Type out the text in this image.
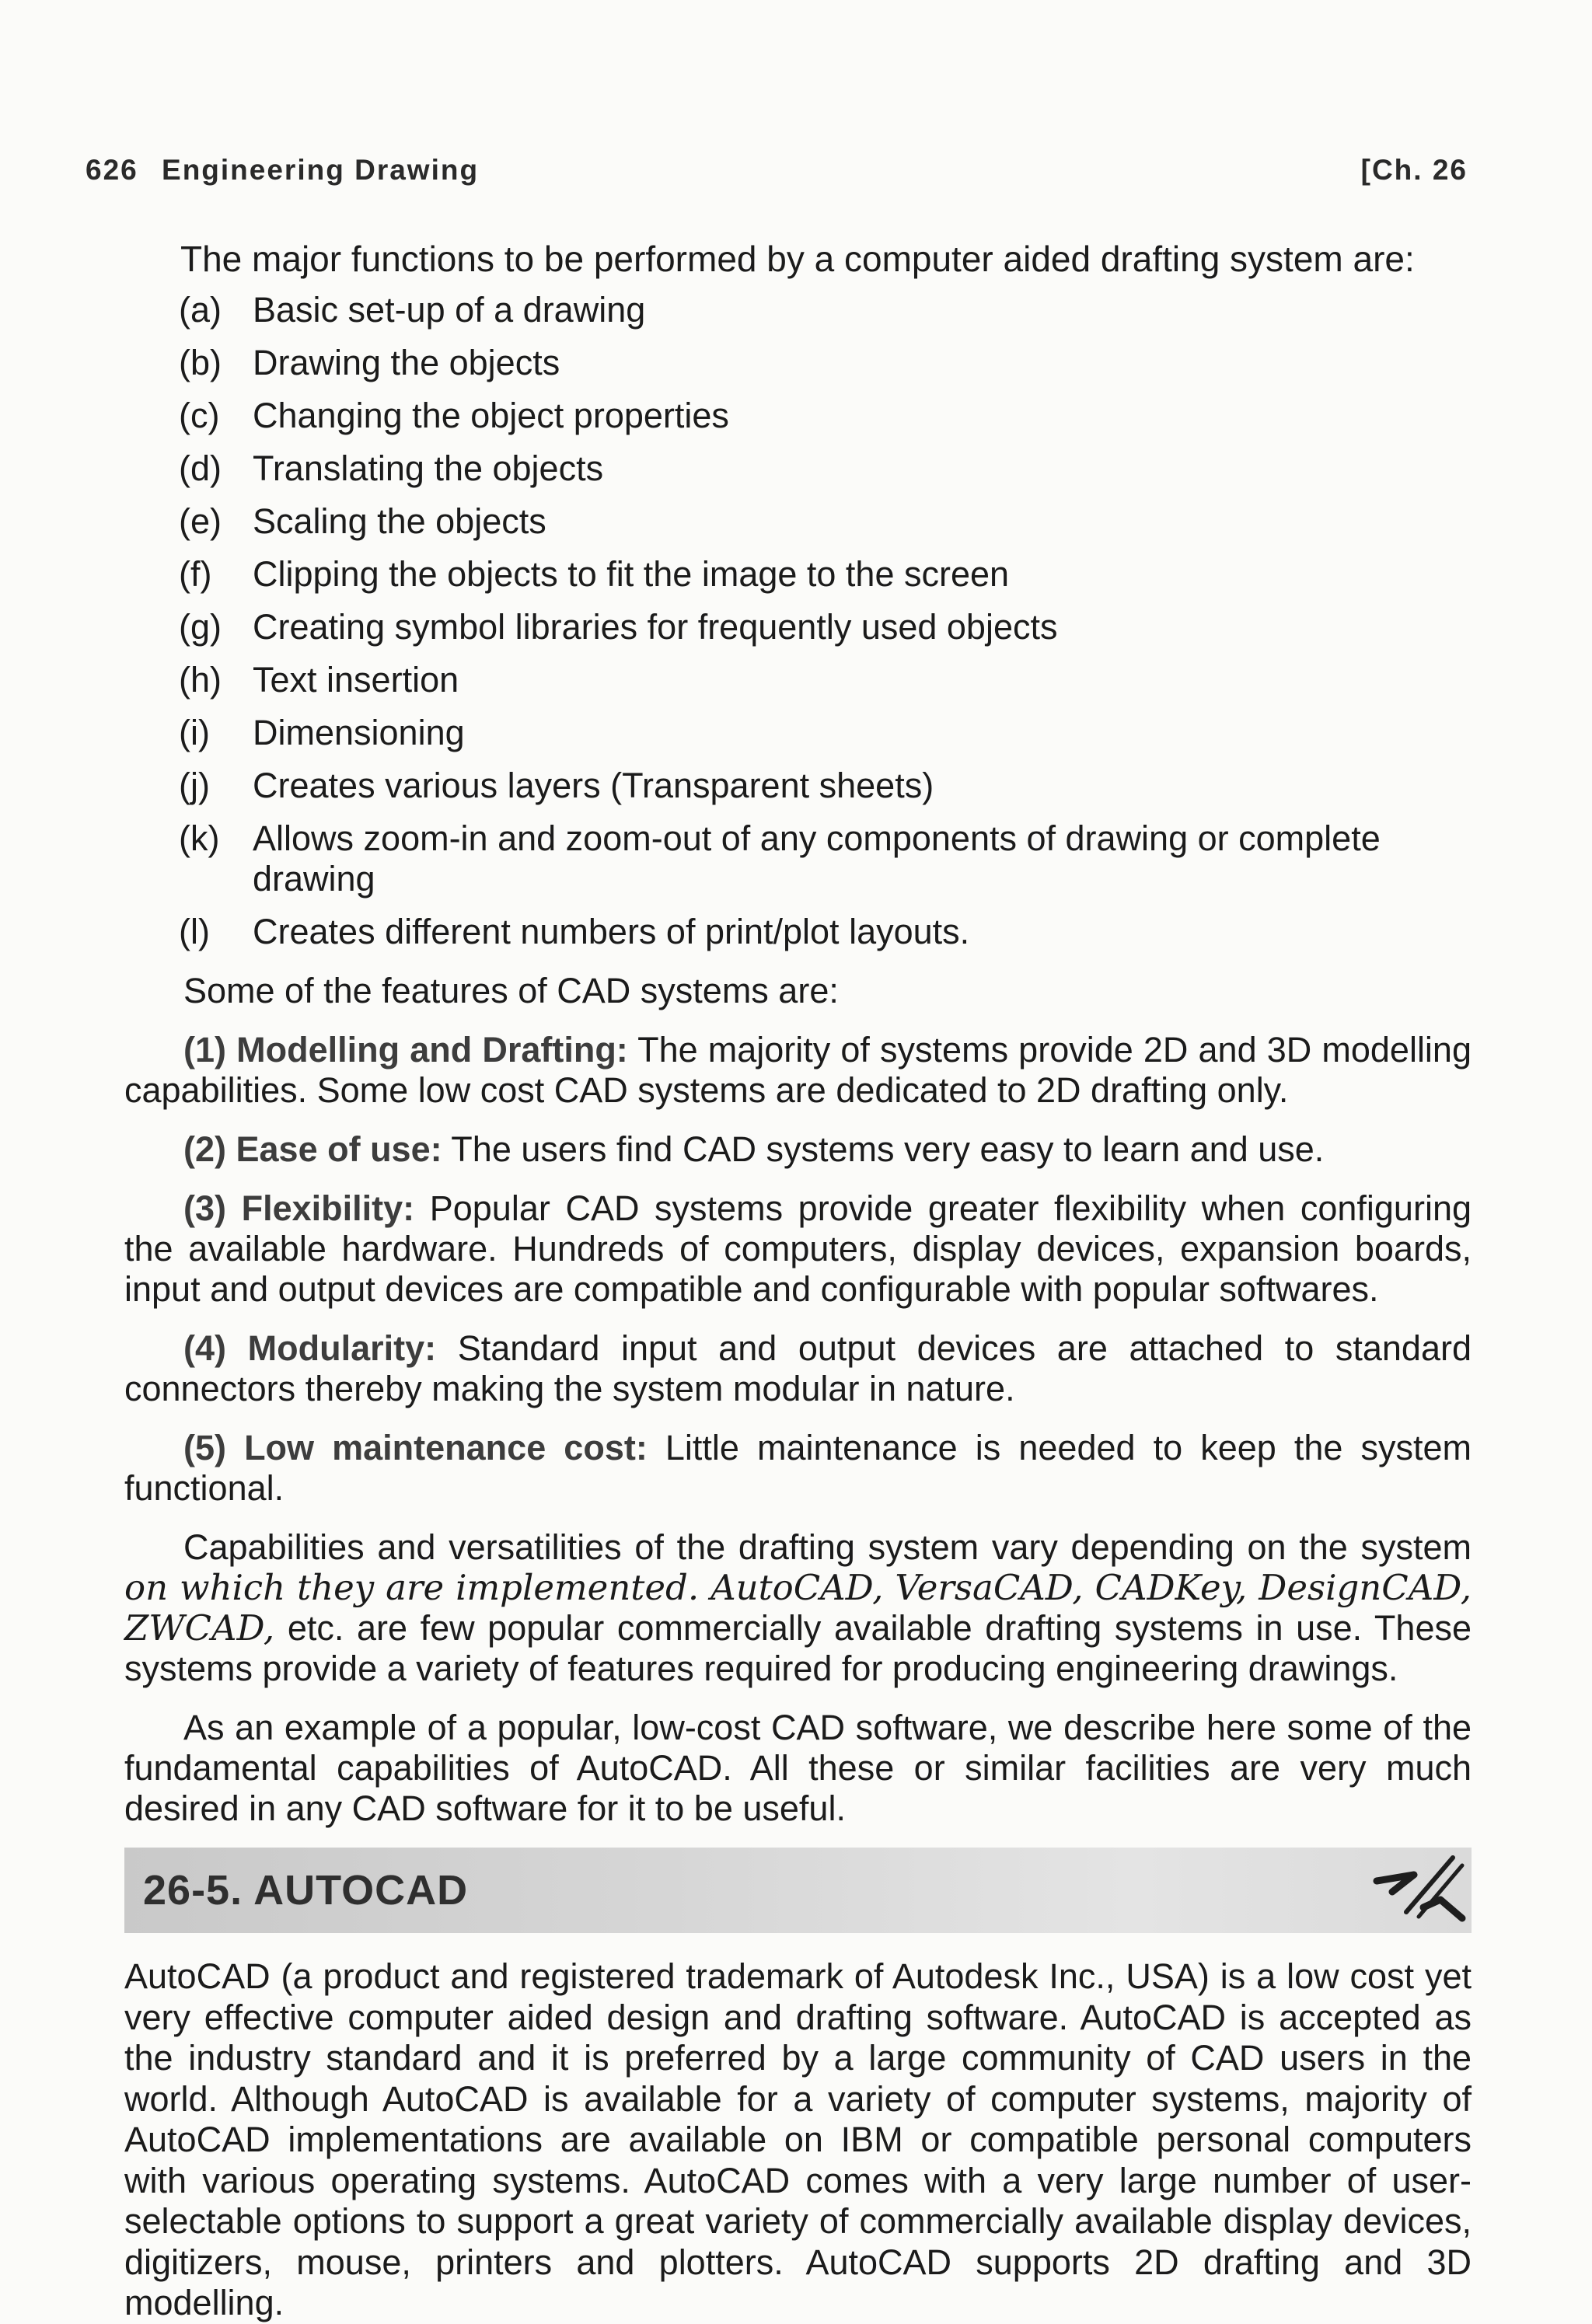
626 Engineering Drawing	[Ch. 26

The major functions to be performed by a computer aided drafting system are:

(a) Basic set-up of a drawing
(b) Drawing the objects
(c) Changing the object properties
(d) Translating the objects
(e) Scaling the objects
(f)	Clipping the objects to fit the image to the screen
(g) Creating symbol libraries for frequently used objects
(h) Text insertion
(i)	Dimensioning
(j)	Creates various layers (Transparent sheets)
(k) Allows zoom-in and zoom-out of any components of drawing or complete drawing
(l)	Creates different numbers of print/plot layouts.

Some of the features of CAD systems are:

(1) Modelling and Drafting: The majority of systems provide 2D and 3D modelling capabilities. Some low cost CAD systems are dedicated to 2D drafting only.

(2) Ease of use: The users find CAD systems very easy to learn and use.

(3) Flexibility: Popular CAD systems provide greater flexibility when configuring the available hardware. Hundreds of computers, display devices, expansion boards, input and output devices are compatible and configurable with popular softwares.

(4) Modularity: Standard input and output devices are attached to standard connectors thereby making the system modular in nature.

(5) Low maintenance cost: Little maintenance is needed to keep the system functional.

Capabilities and versatilities of the drafting system vary depending on the system on which they are implemented. AutoCAD, VersaCAD, CADKey, DesignCAD, ZWCAD, etc. are few popular commercially available drafting systems in use. These systems provide a variety of features required for producing engineering drawings.

As an example of a popular, low-cost CAD software, we describe here some of the fundamental capabilities of AutoCAD. All these or similar facilities are very much desired in any CAD software for it to be useful.

26-5. AUTOCAD

AutoCAD (a product and registered trademark of Autodesk Inc., USA) is a low cost yet very effective computer aided design and drafting software. AutoCAD is accepted as the industry standard and it is preferred by a large community of CAD users in the world. Although AutoCAD is available for a variety of computer systems, majority of AutoCAD implementations are available on IBM or compatible personal computers with various operating systems. AutoCAD comes with a very large number of user-selectable options to support a great variety of commercially available display devices, digitizers, mouse, printers and plotters. AutoCAD supports 2D drafting and 3D modelling.
